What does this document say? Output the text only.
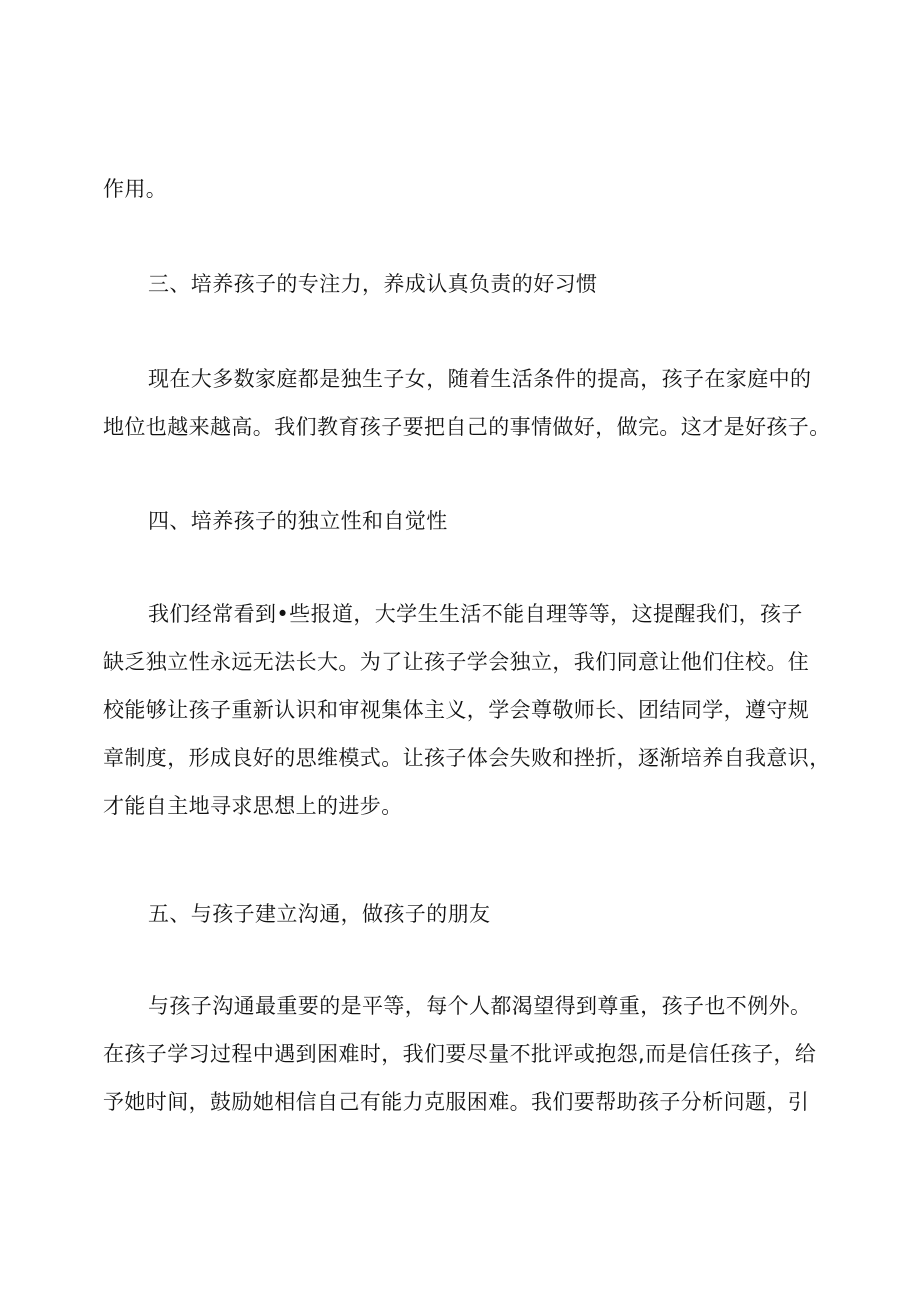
作用。

三、培养孩子的专注力，养成认真负责的好习惯

现在大多数家庭都是独生子女，随着生活条件的提高，孩子在家庭中的

地位也越来越高。我们教育孩子要把自己的事情做好，做完。这才是好孩子。

四、培养孩子的独立性和自觉性

我们经常看到•些报道，大学生生活不能自理等等，这提醒我们，孩子

缺乏独立性永远无法长大。为了让孩子学会独立，我们同意让他们住校。住

校能够让孩子重新认识和审视集体主义，学会尊敬师长、团结同学，遵守规

章制度，形成良好的思维模式。让孩子体会失败和挫折，逐渐培养自我意识，

才能自主地寻求思想上的进步。

五、与孩子建立沟通，做孩子的朋友

与孩子沟通最重要的是平等，每个人都渴望得到尊重，孩子也不例外。

在孩子学习过程中遇到困难时，我们要尽量不批评或抱怨,而是信任孩子，给

予她时间，鼓励她相信自己有能力克服困难。我们要帮助孩子分析问题，引
